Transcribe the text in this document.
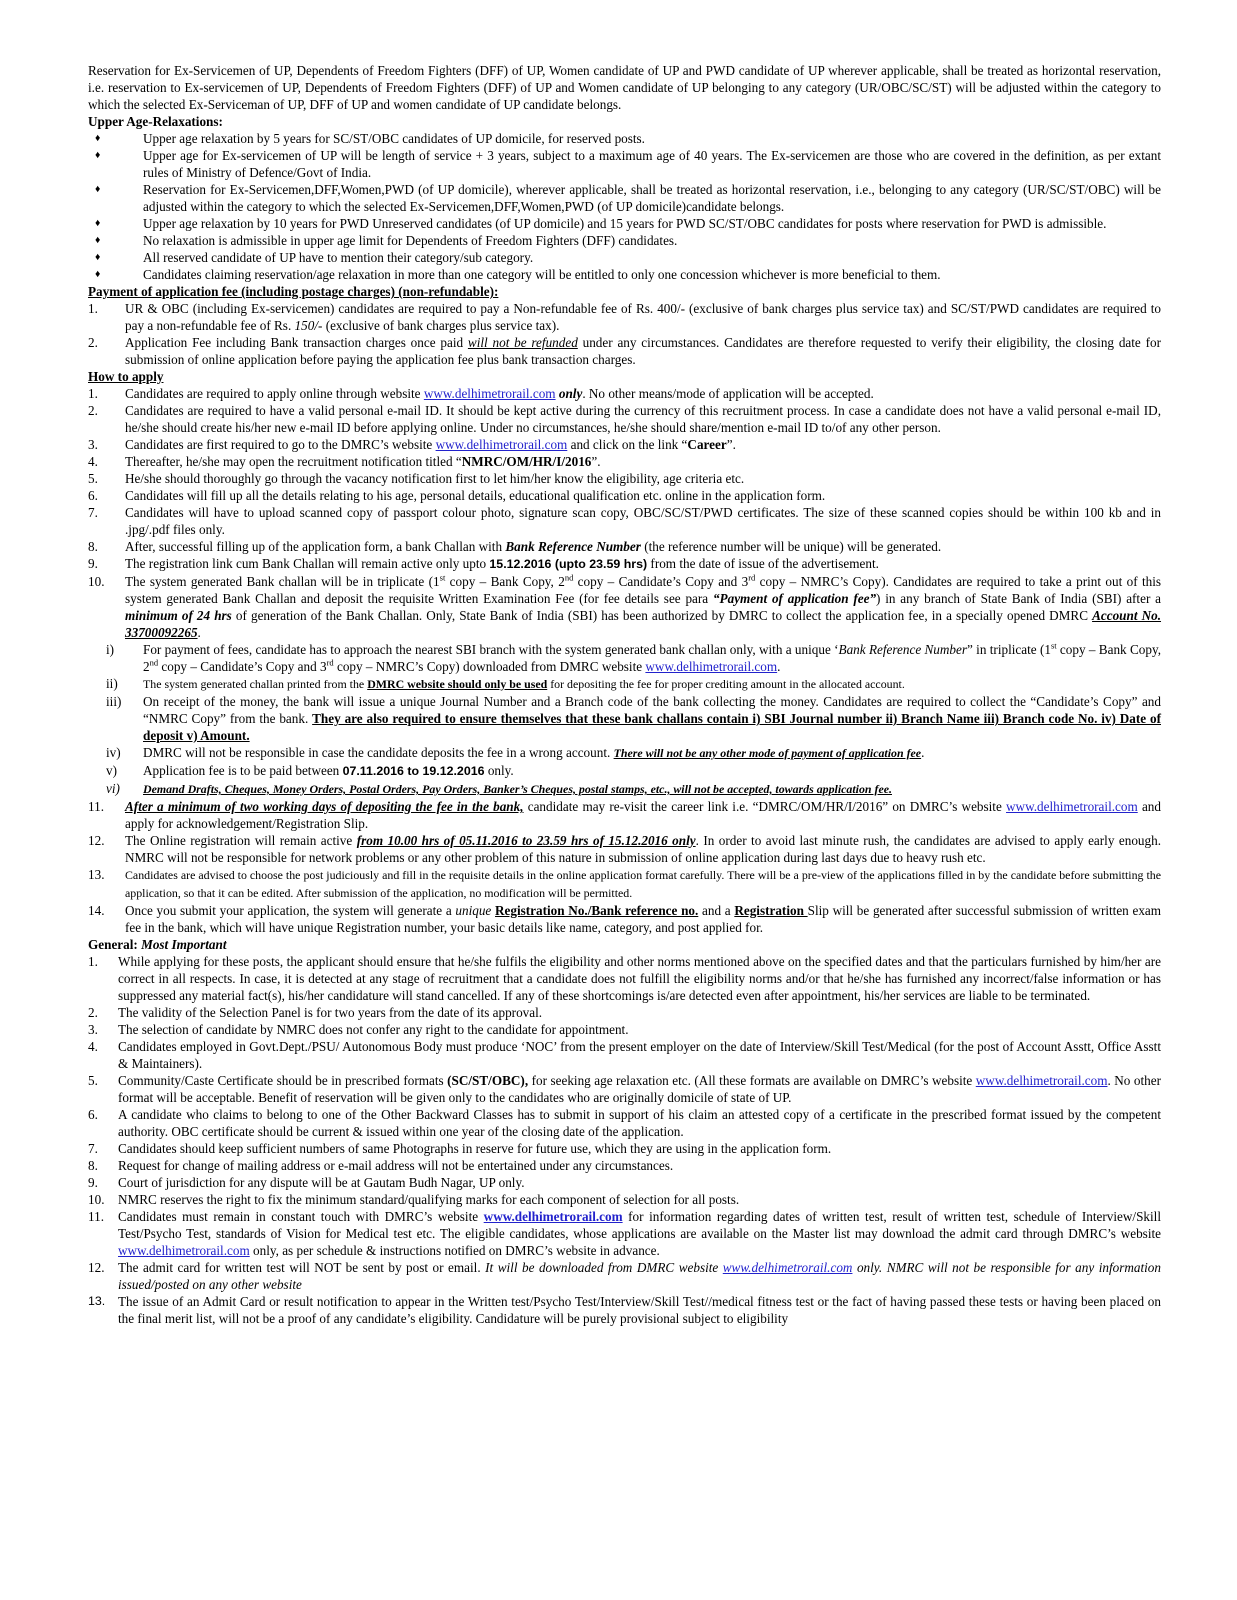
Reservation for Ex-Servicemen of UP, Dependents of Freedom Fighters (DFF) of UP, Women candidate of UP and PWD candidate of UP wherever applicable, shall be treated as horizontal reservation, i.e. reservation to Ex-servicemen of UP, Dependents of Freedom Fighters (DFF) of UP and Women candidate of UP belonging to any category (UR/OBC/SC/ST) will be adjusted within the category to which the selected Ex-Serviceman of UP, DFF of UP and women candidate of UP candidate belongs.
Upper Age-Relaxations:
♦	Upper age relaxation by 5 years for SC/ST/OBC candidates of UP domicile, for reserved posts.
♦	Upper age for Ex-servicemen of UP will be length of service + 3 years, subject to a maximum age of 40 years. The Ex-servicemen are those who are covered in the definition, as per extant rules of Ministry of Defence/Govt of India.
♦	Reservation for Ex-Servicemen,DFF,Women,PWD (of UP domicile), wherever applicable, shall be treated as horizontal reservation, i.e., belonging to any category (UR/SC/ST/OBC) will be adjusted within the category to which the selected Ex-Servicemen,DFF,Women,PWD (of UP domicile)candidate belongs.
♦	Upper age relaxation by 10 years for PWD Unreserved candidates (of UP domicile) and 15 years for PWD SC/ST/OBC candidates for posts where reservation for PWD is admissible.
♦	No relaxation is admissible in upper age limit for Dependents of Freedom Fighters (DFF) candidates.
♦	All reserved candidate of UP have to mention their category/sub category.
♦	Candidates claiming reservation/age relaxation in more than one category will be entitled to only one concession whichever is more beneficial to them.
Payment of application fee (including postage charges) (non-refundable):
1.	UR & OBC (including Ex-servicemen) candidates are required to pay a Non-refundable fee of Rs. 400/- (exclusive of bank charges plus service tax) and SC/ST/PWD candidates are required to pay a non-refundable fee of Rs. 150/- (exclusive of bank charges plus service tax).
2.	Application Fee including Bank transaction charges once paid will not be refunded under any circumstances. Candidates are therefore requested to verify their eligibility, the closing date for submission of online application before paying the application fee plus bank transaction charges.
How to apply
1.	Candidates are required to apply online through website www.delhimetrorail.com only. No other means/mode of application will be accepted.
2.	Candidates are required to have a valid personal e-mail ID. It should be kept active during the currency of this recruitment process. In case a candidate does not have a valid personal e-mail ID, he/she should create his/her new e-mail ID before applying online. Under no circumstances, he/she should share/mention e-mail ID to/of any other person.
3.	Candidates are first required to go to the DMRC’s website www.delhimetrorail.com and click on the link “Career”.
4.	Thereafter, he/she may open the recruitment notification titled “NMRC/OM/HR/I/2016”.
5.	He/she should thoroughly go through the vacancy notification first to let him/her know the eligibility, age criteria etc.
6.	Candidates will fill up all the details relating to his age, personal details, educational qualification etc. online in the application form.
7.	Candidates will have to upload scanned copy of passport colour photo, signature scan copy, OBC/SC/ST/PWD certificates. The size of these scanned copies should be within 100 kb and in .jpg/.pdf files only.
8.	After, successful filling up of the application form, a bank Challan with Bank Reference Number (the reference number will be unique) will be generated.
9.	The registration link cum Bank Challan will remain active only upto 15.12.2016 (upto 23.59 hrs) from the date of issue of the advertisement.
10.	The system generated Bank challan will be in triplicate (1st copy – Bank Copy, 2nd copy – Candidate’s Copy and 3rd copy – NMRC’s Copy). Candidates are required to take a print out of this system generated Bank Challan and deposit the requisite Written Examination Fee (for fee details see para “Payment of application fee”) in any branch of State Bank of India (SBI) after a minimum of 24 hrs of generation of the Bank Challan. Only, State Bank of India (SBI) has been authorized by DMRC to collect the application fee, in a specially opened DMRC Account No. 33700092265.
i)	For payment of fees, candidate has to approach the nearest SBI branch with the system generated bank challan only, with a unique ‘Bank Reference Number” in triplicate (1st copy – Bank Copy, 2nd copy – Candidate’s Copy and 3rd copy – NMRC’s Copy) downloaded from DMRC website www.delhimetrorail.com.
ii)	The system generated challan printed from the DMRC website should only be used for depositing the fee for proper crediting amount in the allocated account.
iii)	On receipt of the money, the bank will issue a unique Journal Number and a Branch code of the bank collecting the money. Candidates are required to collect the “Candidate’s Copy” and “NMRC Copy” from the bank. They are also required to ensure themselves that these bank challans contain i) SBI Journal number ii) Branch Name iii) Branch code No. iv) Date of deposit v) Amount.
iv)	DMRC will not be responsible in case the candidate deposits the fee in a wrong account. There will not be any other mode of payment of application fee.
v)	Application fee is to be paid between 07.11.2016 to 19.12.2016 only.
vi)	Demand Drafts, Cheques, Money Orders, Postal Orders, Pay Orders, Banker’s Cheques, postal stamps, etc., will not be accepted, towards application fee.
11.	After a minimum of two working days of depositing the fee in the bank, candidate may re-visit the career link i.e. “DMRC/OM/HR/I/2016” on DMRC’s website www.delhimetrorail.com and apply for acknowledgement/Registration Slip.
12.	The Online registration will remain active from 10.00 hrs of 05.11.2016 to 23.59 hrs of 15.12.2016 only. In order to avoid last minute rush, the candidates are advised to apply early enough. NMRC will not be responsible for network problems or any other problem of this nature in submission of online application during last days due to heavy rush etc.
13.	Candidates are advised to choose the post judiciously and fill in the requisite details in the online application format carefully. There will be a pre-view of the applications filled in by the candidate before submitting the application, so that it can be edited. After submission of the application, no modification will be permitted.
14.	Once you submit your application, the system will generate a unique Registration No./Bank reference no. and a Registration Slip will be generated after successful submission of written exam fee in the bank, which will have unique Registration number, your basic details like name, category, and post applied for.
General: Most Important
1.	While applying for these posts, the applicant should ensure that he/she fulfils the eligibility and other norms mentioned above on the specified dates and that the particulars furnished by him/her are correct in all respects. In case, it is detected at any stage of recruitment that a candidate does not fulfill the eligibility norms and/or that he/she has furnished any incorrect/false information or has suppressed any material fact(s), his/her candidature will stand cancelled. If any of these shortcomings is/are detected even after appointment, his/her services are liable to be terminated.
2.	The validity of the Selection Panel is for two years from the date of its approval.
3.	The selection of candidate by NMRC does not confer any right to the candidate for appointment.
4.	Candidates employed in Govt.Dept./PSU/ Autonomous Body must produce ‘NOC’ from the present employer on the date of Interview/Skill Test/Medical (for the post of Account Asstt, Office Asstt & Maintainers).
5.	Community/Caste Certificate should be in prescribed formats (SC/ST/OBC), for seeking age relaxation etc. (All these formats are available on DMRC’s website www.delhimetrorail.com. No other format will be acceptable. Benefit of reservation will be given only to the candidates who are originally domicile of state of UP.
6.	A candidate who claims to belong to one of the Other Backward Classes has to submit in support of his claim an attested copy of a certificate in the prescribed format issued by the competent authority. OBC certificate should be current & issued within one year of the closing date of the application.
7.	Candidates should keep sufficient numbers of same Photographs in reserve for future use, which they are using in the application form.
8.	Request for change of mailing address or e-mail address will not be entertained under any circumstances.
9.	Court of jurisdiction for any dispute will be at Gautam Budh Nagar, UP only.
10.	NMRC reserves the right to fix the minimum standard/qualifying marks for each component of selection for all posts.
11.	Candidates must remain in constant touch with DMRC’s website www.delhimetrorail.com for information regarding dates of written test, result of written test, schedule of Interview/Skill Test/Psycho Test, standards of Vision for Medical test etc. The eligible candidates, whose applications are available on the Master list may download the admit card through DMRC’s website www.delhimetrorail.com only, as per schedule & instructions notified on DMRC’s website in advance.
12.	The admit card for written test will NOT be sent by post or email. It will be downloaded from DMRC website www.delhimetrorail.com only. NMRC will not be responsible for any information issued/posted on any other website
13. The issue of an Admit Card or result notification to appear in the Written test/Psycho Test/Interview/Skill Test//medical fitness test or the fact of having passed these tests or having been placed on the final merit list, will not be a proof of any candidate’s eligibility. Candidature will be purely provisional subject to eligibility
